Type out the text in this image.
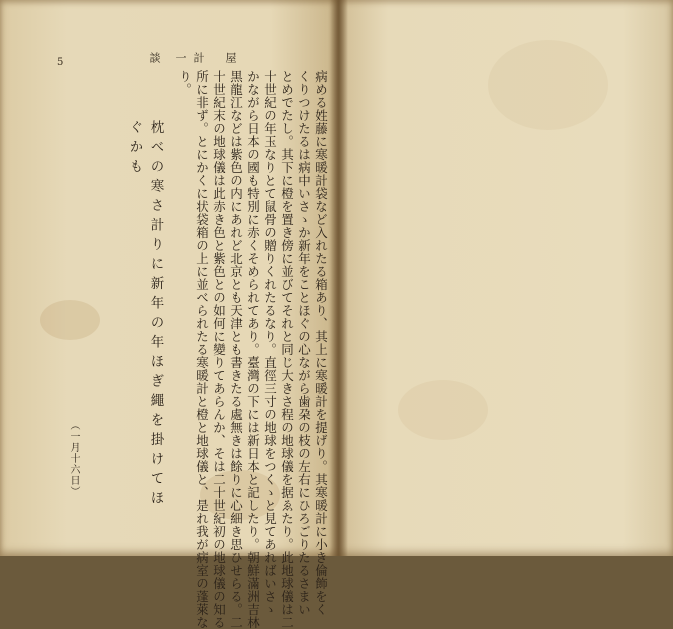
5	屋
計
一
談
病める姓藤に寒暖計袋など入れたる箱あり、其上に寒暖計を提げり。其寒暖計に小き倫飾をく
くりつけたるは病中いさゝか新年をことほぐの心ながら歯朶の枝の左右にひろごりたるさまい
とめでたし。其下に橙を置き傍に並びてそれと同じ大きさ程の地球儀を据ゑたり。此地球儀は二
十世紀の年玉なりとて鼠骨の贈りくれたるなり。直徑三寸の地球をつくゝと見てあればいさゝ
かながら日本の國も特別に赤くそめられてあり。臺灣の下には新日本と記したり。朝鮮滿洲吉林
黒龍江などは紫色の内にあれど北京とも天津とも書きたる處無きは餘りに心細き思ひせらる。二
十世紀末の地球儀は此赤き色と紫色との如何に變りてあらんか、そは二十世紀初の地球儀の知る
所に非ず。とにかくに状袋箱の上に並べられたる寒暖計と橙と地球儀と、是れ我が病室の蓬萊な
り。
枕べの寒さ計りに新年の年ほぎ繩を掛けてほ
ぐかも
（一月十六日）
